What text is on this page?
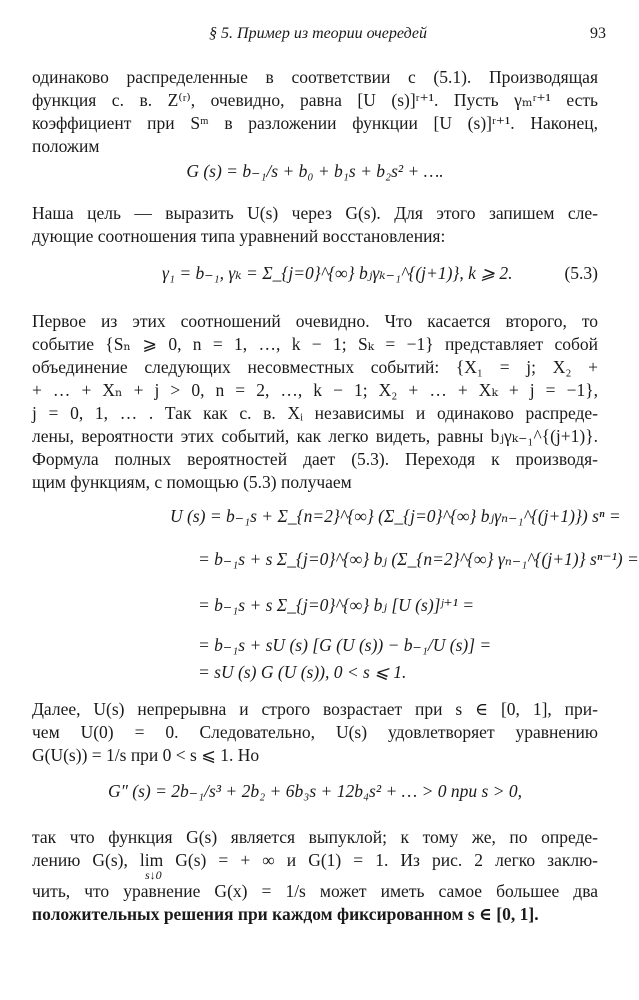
§ 5. Пример из теории очередей	93
одинаково распределенные в соответствии с (5.1). Производящая
функция с. в. Z⁽ʳ⁾, очевидно, равна [U (s)]ʳ⁺¹. Пусть γₘʳ⁺¹ есть
коэффициент при Sᵐ в разложении функции [U (s)]ʳ⁺¹. Наконец,
положим
G (s) = b₋₁/s + b₀ + b₁s + b₂s² + ….
Наша цель — выразить U(s) через G(s). Для этого запишем сле-
дующие соотношения типа уравнений восстановления:
γ₁ = b₋₁, γₖ = Σ_{j=0}^{∞} bⱼγₖ₋₁^{(j+1)}, k ⩾ 2.	(5.3)
Первое из этих соотношений очевидно. Что касается второго, то
событие {Sₙ ⩾ 0, n = 1, …, k − 1; Sₖ = −1} представляет собой
объединение следующих несовместных событий: {X₁ = j; X₂ +
+ … + Xₙ + j > 0, n = 2, …, k − 1; X₂ + … + Xₖ + j = −1},
j = 0, 1, … . Так как с. в. Xᵢ независимы и одинаково распреде-
лены, вероятности этих событий, как легко видеть, равны bⱼγₖ₋₁^{(j+1)}.
Формула полных вероятностей дает (5.3). Переходя к производя-
щим функциям, с помощью (5.3) получаем
U (s) = b₋₁s + Σ_{n=2}^{∞} (Σ_{j=0}^{∞} bⱼγₙ₋₁^{(j+1)}) sⁿ =
= b₋₁s + s Σ_{j=0}^{∞} bⱼ (Σ_{n=2}^{∞} γₙ₋₁^{(j+1)} sⁿ⁻¹) =
= b₋₁s + s Σ_{j=0}^{∞} bⱼ [U (s)]ʲ⁺¹ =
= b₋₁s + sU (s) [G (U (s)) − b₋₁/U (s)] =
= sU (s) G (U (s)), 0 < s ⩽ 1.
Далее, U(s) непрерывна и строго возрастает при s ∈ [0, 1], при-
чем U(0) = 0. Следовательно, U(s) удовлетворяет уравнению
G(U(s)) = 1/s при 0 < s ⩽ 1. Но
G″ (s) = 2b₋₁/s³ + 2b₂ + 6b₃s + 12b₄s² + … > 0 при s > 0,
так что функция G(s) является выпуклой; к тому же, по опреде-
лению G(s), lim G(s) = + ∞ и G(1) = 1. Из рис. 2 легко заклю-
s↓0
чить, что уравнение G(x) = 1/s может иметь самое большее два
положительных решения при каждом фиксированном s ∈ [0, 1].
